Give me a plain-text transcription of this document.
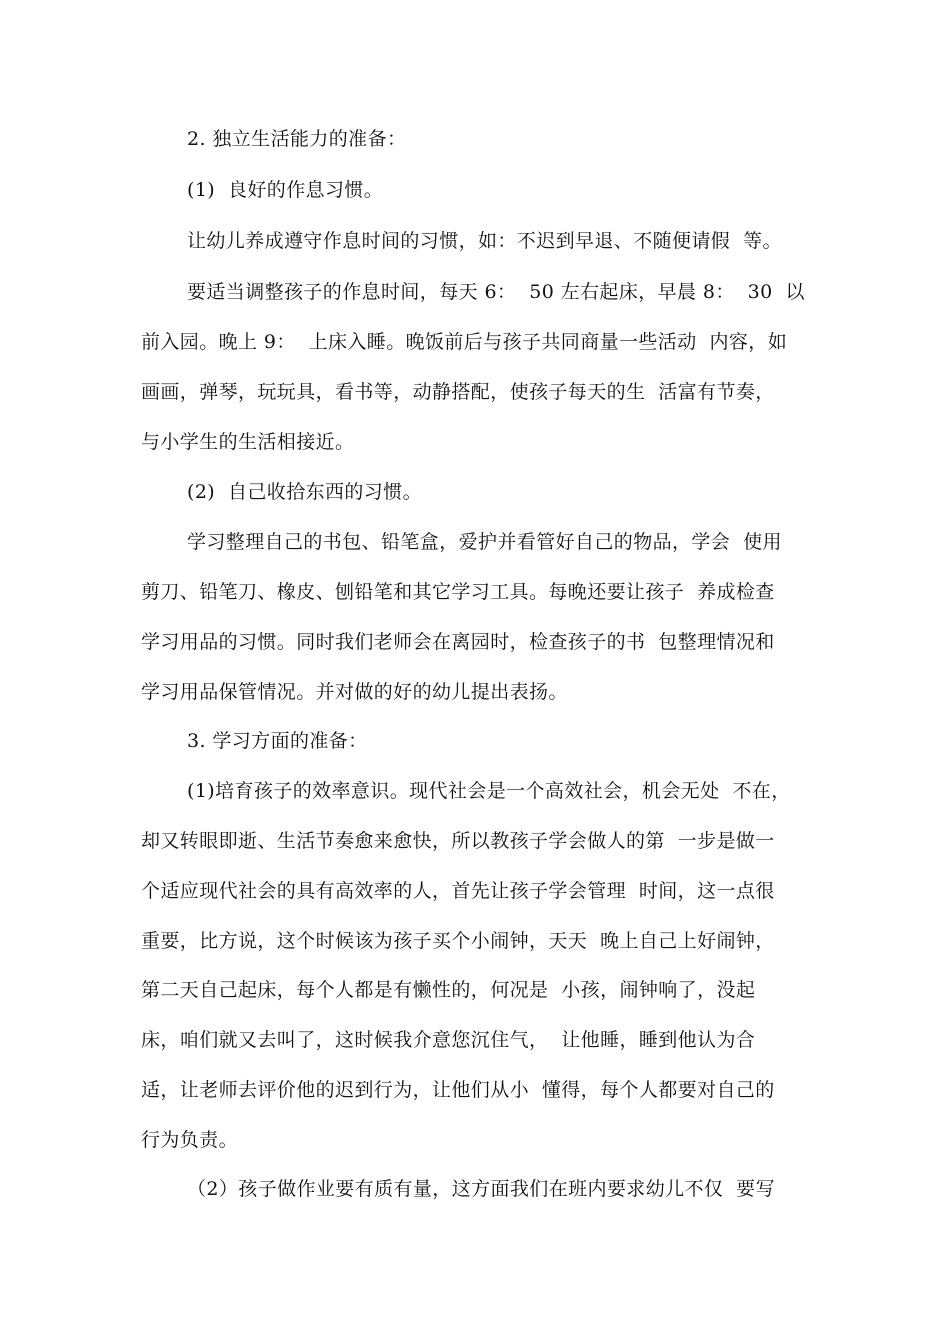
2. 独立生活能力的准备：
(1)  良好的作息习惯。
让幼儿养成遵守作息时间的习惯，如：不迟到早退、不随便请假  等。
要适当调整孩子的作息时间，每天 6：  50 左右起床，早晨 8：  30  以
前入园。晚上 9：  上床入睡。晚饭前后与孩子共同商量一些活动  内容，如
画画，弹琴，玩玩具，看书等，动静搭配，使孩子每天的生  活富有节奏，
与小学生的生活相接近。
(2)  自己收拾东西的习惯。
学习整理自己的书包、铅笔盒，爱护并看管好自己的物品，学会  使用
剪刀、铅笔刀、橡皮、刨铅笔和其它学习工具。每晚还要让孩子  养成检查
学习用品的习惯。同时我们老师会在离园时，检查孩子的书  包整理情况和
学习用品保管情况。并对做的好的幼儿提出表扬。
3. 学习方面的准备：
(1)培育孩子的效率意识。现代社会是一个高效社会，机会无处  不在，
却又转眼即逝、生活节奏愈来愈快，所以教孩子学会做人的第  一步是做一
个适应现代社会的具有高效率的人，首先让孩子学会管理  时间，这一点很
重要，比方说，这个时候该为孩子买个小闹钟，天天  晚上自己上好闹钟，
第二天自己起床，每个人都是有懒性的，何况是  小孩，闹钟响了，没起
床，咱们就又去叫了，这时候我介意您沉住气，  让他睡，睡到他认为合
适，让老师去评价他的迟到行为，让他们从小  懂得，每个人都要对自己的
行为负责。
（2）孩子做作业要有质有量，这方面我们在班内要求幼儿不仅  要写
